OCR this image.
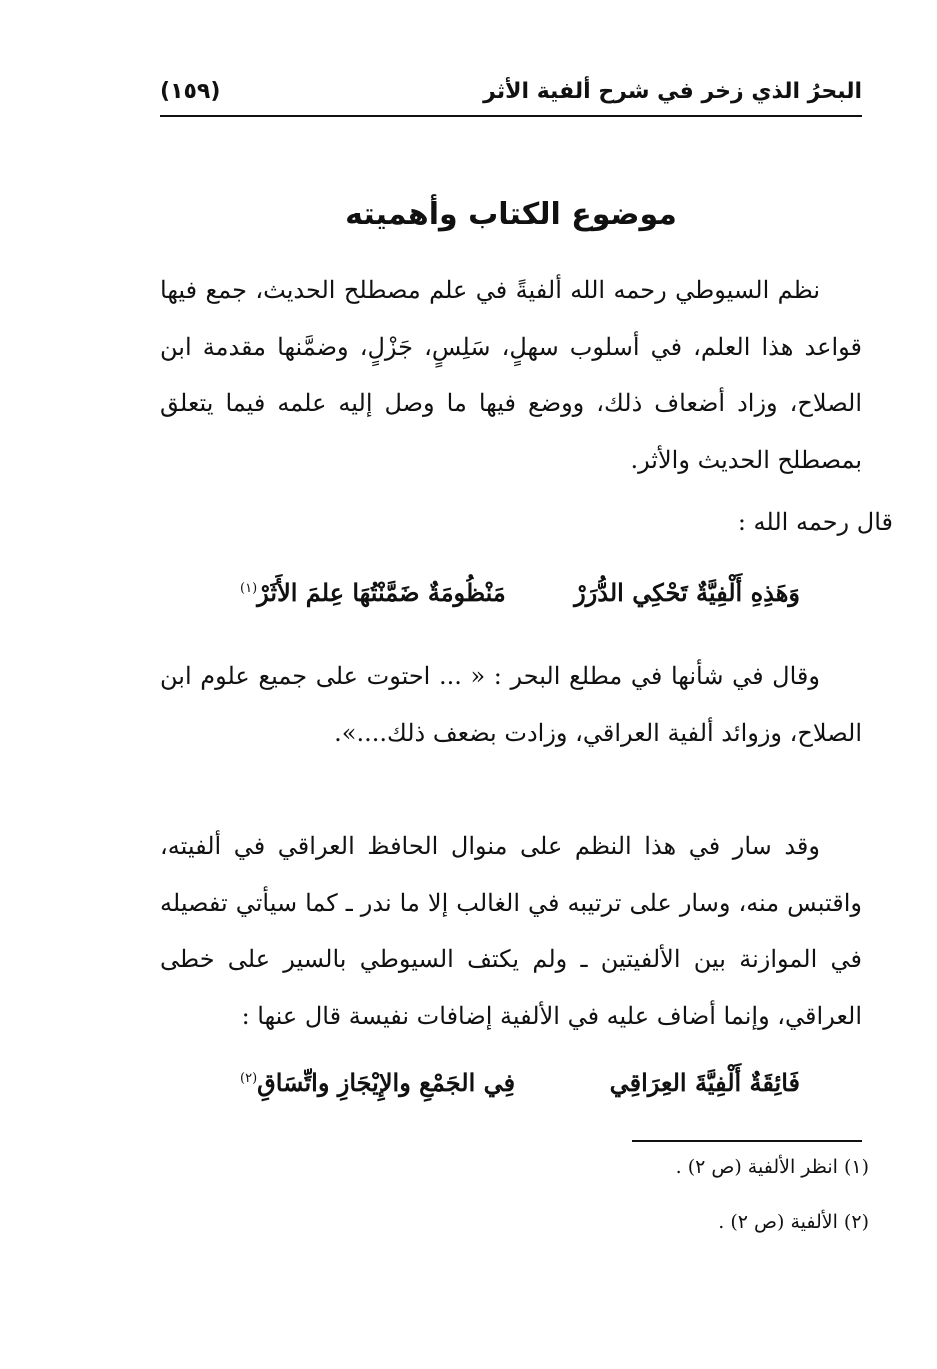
البحرُ الذي زخر في شرح ألفية الأثر
(١٥٩)
موضوع الكتاب وأهميته

نظم السيوطي رحمه الله ألفيةً في علم مصطلح الحديث، جمع فيها قواعد هذا العلم، في أسلوب سهلٍ، سَلِسٍ، جَزْلٍ، وضمَّنها مقدمة ابن الصلاح، وزاد أضعاف ذلك، ووضع فيها ما وصل إليه علمه فيما يتعلق بمصطلح الحديث والأثر.

قال رحمه الله :
وَهَذِهِ أَلْفِيَّةٌ تَحْكِي الدُّرَرْ
مَنْظُومَةٌ ضَمَّنْتُهَا عِلمَ الأَثَرْ$^{(١)}$

وقال في شأنها في مطلع البحر : « ... احتوت على جميع علوم ابن الصلاح، وزوائد ألفية العراقي، وزادت بضعف ذلك....».

وقد سار في هذا النظم على منوال الحافظ العراقي في ألفيته، واقتبس منه، وسار على ترتيبه في الغالب إلا ما ندر ـ كما سيأتي تفصيله في الموازنة بين الألفيتين ـ ولم يكتف السيوطي بالسير على خطى العراقي، وإنما أضاف عليه في الألفية إضافات نفيسة قال عنها :

فَائِقَةٌ أَلْفِيَّةَ العِرَاقِي
فِي الجَمْعِ والإِيْجَازِ واتِّسَاقِ$^{(٢)}$
(١) انظر الألفية (ص ٢) .
(٢) الألفية (ص ٢) .
